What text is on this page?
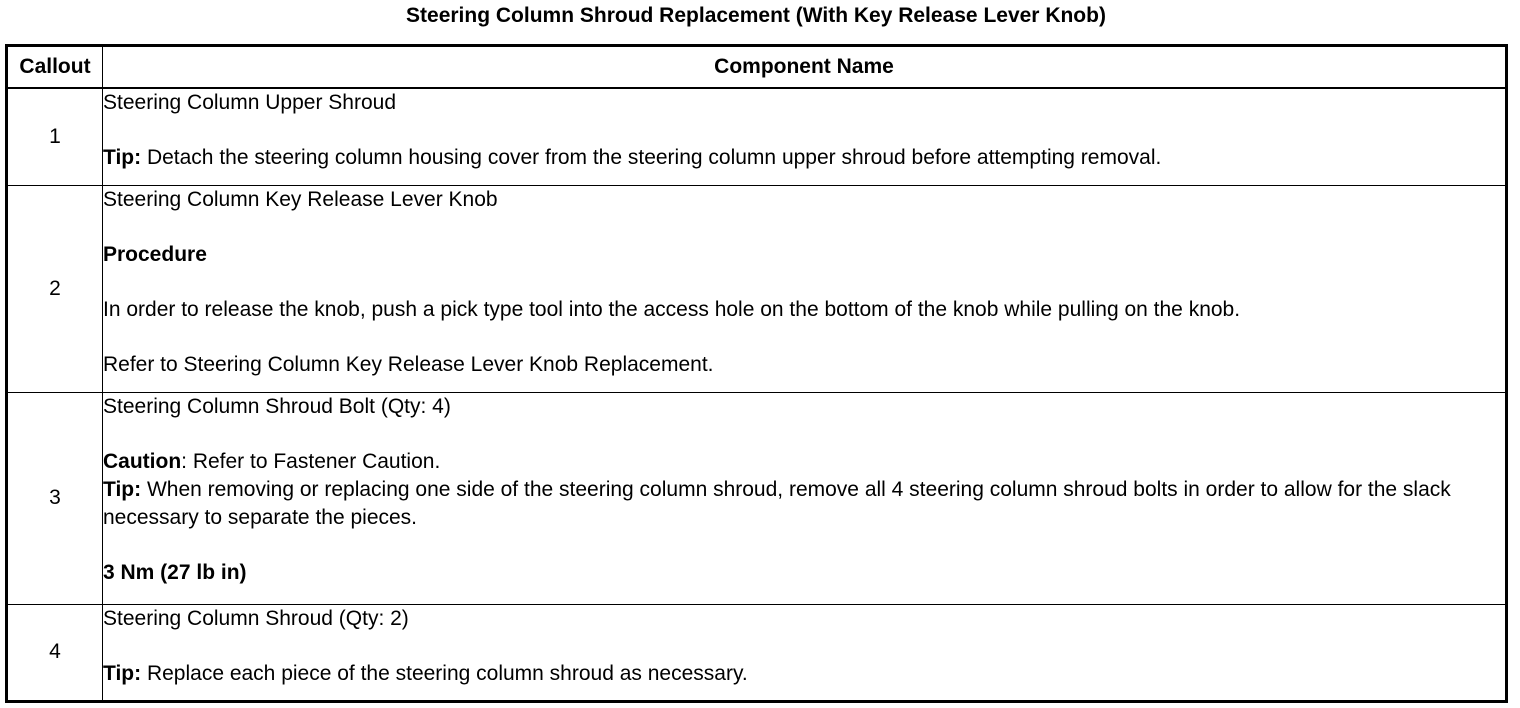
Steering Column Shroud Replacement (With Key Release Lever Knob)
Callout	Component Name
1	Steering Column Upper Shroud

Tip: Detach the steering column housing cover from the steering column upper shroud before attempting removal.

2	Steering Column Key Release Lever Knob

Procedure

In order to release the knob, push a pick type tool into the access hole on the bottom of the knob while pulling on the knob.

Refer to Steering Column Key Release Lever Knob Replacement.

3	Steering Column Shroud Bolt (Qty: 4)

Caution: Refer to Fastener Caution.

Tip: When removing or replacing one side of the steering column shroud, remove all 4 steering column shroud bolts in order to allow for the slack necessary to separate the pieces.

3 Nm (27 lb in)

4	Steering Column Shroud (Qty: 2)

Tip: Replace each piece of the steering column shroud as necessary.
